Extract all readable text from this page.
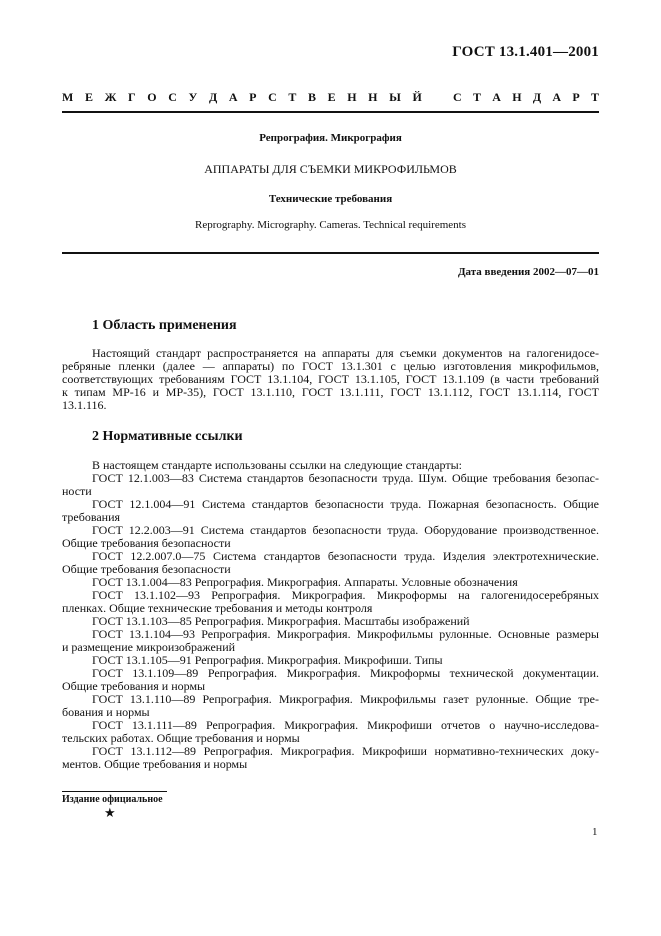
ГОСТ 13.1.401—2001
М Е Ж Г О С У Д А Р С Т В Е Н Н Ы Й	С Т А Н Д А Р Т
Репрография. Микрография
АППАРАТЫ ДЛЯ СЪЕМКИ МИКРОФИЛЬМОВ
Технические требования
Reprography. Micrography. Cameras. Technical requirements
Дата введения 2002—07—01
1 Область применения
Настоящий стандарт распространяется на аппараты для съемки документов на галогенидосе-
ребряные пленки (далее — аппараты) по ГОСТ 13.1.301 с целью изготовления микрофильмов,
соответствующих требованиям ГОСТ 13.1.104, ГОСТ 13.1.105, ГОСТ 13.1.109 (в части требований
к типам МР-16 и МР-35), ГОСТ 13.1.110, ГОСТ 13.1.111, ГОСТ 13.1.112, ГОСТ 13.1.114, ГОСТ
13.1.116.
2 Нормативные ссылки
В настоящем стандарте использованы ссылки на следующие стандарты:
ГОСТ 12.1.003—83 Система стандартов безопасности труда. Шум. Общие требования безопас-
ности
ГОСТ 12.1.004—91 Система стандартов безопасности труда. Пожарная безопасность. Общие
требования
ГОСТ 12.2.003—91 Система стандартов безопасности труда. Оборудование производственное.
Общие требования безопасности
ГОСТ 12.2.007.0—75 Система стандартов безопасности труда. Изделия электротехнические.
Общие требования безопасности
ГОСТ 13.1.004—83 Репрография. Микрография. Аппараты. Условные обозначения
ГОСТ 13.1.102—93 Репрография. Микрография. Микроформы на галогенидосеребряных
пленках. Общие технические требования и методы контроля
ГОСТ 13.1.103—85 Репрография. Микрография. Масштабы изображений
ГОСТ 13.1.104—93 Репрография. Микрография. Микрофильмы рулонные. Основные размеры
и размещение микроизображений
ГОСТ 13.1.105—91 Репрография. Микрография. Микрофиши. Типы
ГОСТ 13.1.109—89 Репрография. Микрография. Микроформы технической документации.
Общие требования и нормы
ГОСТ 13.1.110—89 Репрография. Микрография. Микрофильмы газет рулонные. Общие тре-
бования и нормы
ГОСТ 13.1.111—89 Репрография. Микрография. Микрофиши отчетов о научно-исследова-
тельских работах. Общие требования и нормы
ГОСТ 13.1.112—89 Репрография. Микрография. Микрофиши нормативно-технических доку-
ментов. Общие требования и нормы
Издание официальное
★
1
